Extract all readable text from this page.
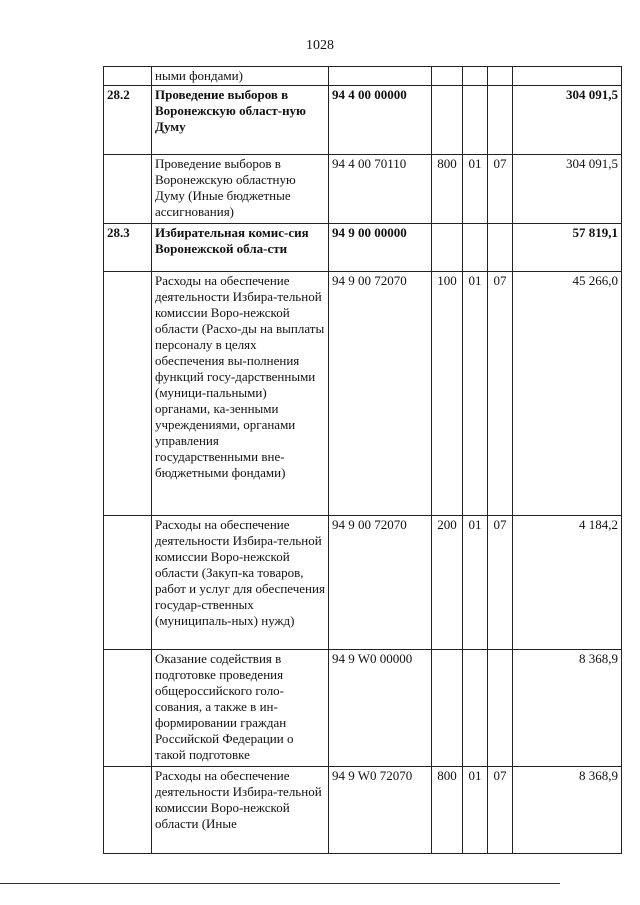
1028
	ными фондами)					
28.2	Проведение выборов в Воронежскую област-ную Думу	94 4 00 00000				304 091,5
	Проведение выборов в Воронежскую областную Думу (Иные бюджетные ассигнования)	94 4 00 70110	800	01	07	304 091,5
28.3	Избирательная комис-сия Воронежской обла-сти	94 9 00 00000				57 819,1
	Расходы на обеспечение деятельности Избира-тельной комиссии Воро-нежской области (Расхо-ды на выплаты персоналу в целях обеспечения вы-полнения функций госу-дарственными (муници-пальными) органами, ка-зенными учреждениями, органами управления государственными вне-бюджетными фондами)	94 9 00 72070	100	01	07	45 266,0
	Расходы на обеспечение деятельности Избира-тельной комиссии Воро-нежской области (Закуп-ка товаров, работ и услуг для обеспечения государ-ственных (муниципаль-ных) нужд)	94 9 00 72070	200	01	07	4 184,2
	Оказание содействия в подготовке проведения общероссийского голо-сования, а также в ин-формировании граждан Российской Федерации о такой подготовке	94 9 W0 00000				8 368,9
	Расходы на обеспечение деятельности Избира-тельной комиссии Воро-нежской области (Иные	94 9 W0 72070	800	01	07	8 368,9
